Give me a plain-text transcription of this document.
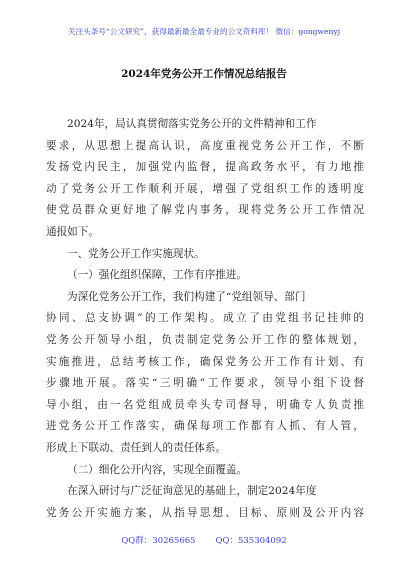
关注头条号“公文研究”，获得最新最全最专业的公文资料库！ 微信：gongwenyj
2024年党务公开工作情况总结报告
2024年，局认真贯彻落实党务公开的文件精神和工作
要求，从思想上提高认识，高度重视党务公开工作，不断
发扬党内民主，加强党内监督，提高政务水平，有力地推
动了党务公开工作顺利开展，增强了党组织工作的透明度
使党员群众更好地了解党内事务，现将党务公开工作情况
通报如下。
一、党务公开工作实施现状。
（一）强化组织保障，工作有序推进。
为深化党务公开工作，我们构建了“党组领导、部门
协同、总支协调”的工作架构。成立了由党组书记挂帅的
党务公开领导小组，负责制定党务公开工作的整体规划，
实施推进，总结考核工作，确保党务公开工作有计划、有
步骤地开展。落实“三明确”工作要求，领导小组下设督
导小组，由一名党组成员牵头专司督导，明确专人负责推
进党务公开工作落实，确保每项工作都有人抓、有人管，
形成上下联动、责任到人的责任体系。
（二）细化公开内容，实现全面覆盖。
在深入研讨与广泛征询意见的基础上，制定2024年度
党务公开实施方案，从指导思想、目标、原则及公开内容
QQ群：30265665 QQ：535304092
